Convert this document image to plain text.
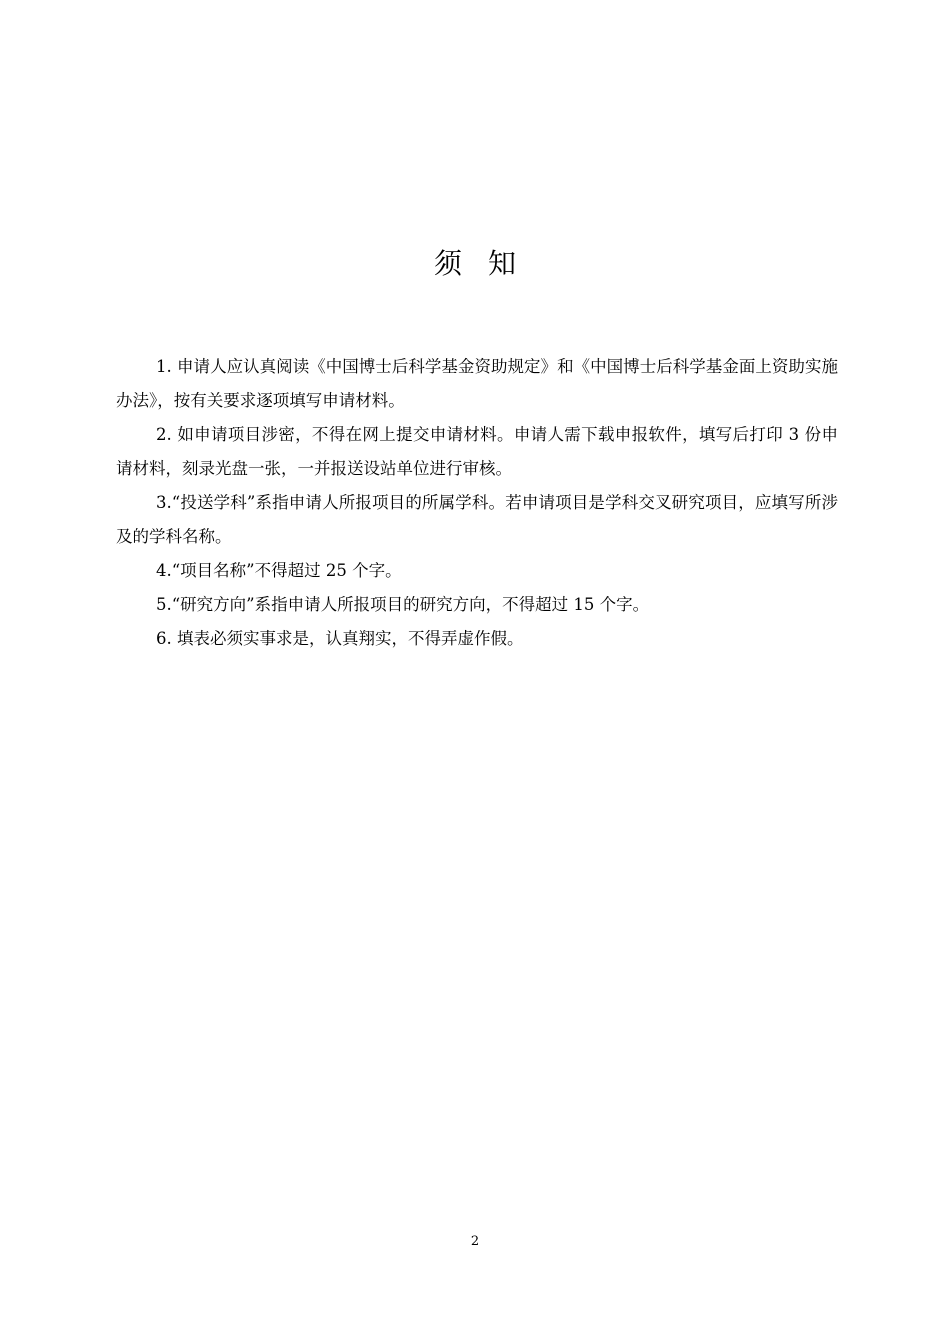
须知
1. 申请人应认真阅读《中国博士后科学基金资助规定》和《中国博士后科学基金面上资助实施办法》，按有关要求逐项填写申请材料。
2. 如申请项目涉密，不得在网上提交申请材料。申请人需下载申报软件，填写后打印 3 份申请材料，刻录光盘一张，一并报送设站单位进行审核。
3.“投送学科”系指申请人所报项目的所属学科。若申请项目是学科交叉研究项目，应填写所涉及的学科名称。
4.“项目名称”不得超过 25 个字。
5.“研究方向”系指申请人所报项目的研究方向，不得超过 15 个字。
6. 填表必须实事求是，认真翔实，不得弄虚作假。
2
